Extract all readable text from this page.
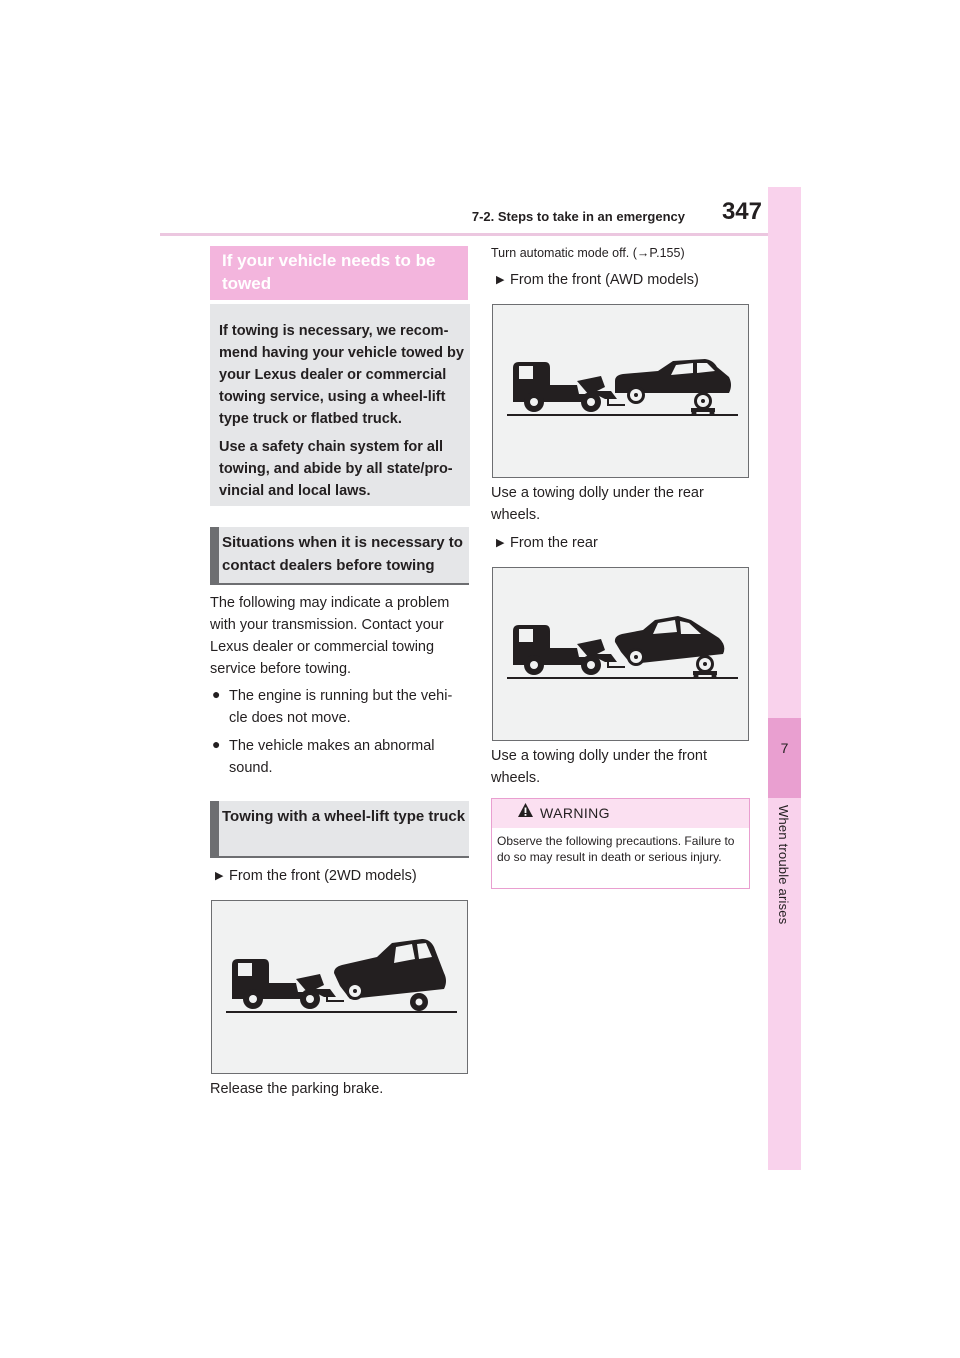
7-2. Steps to take in an emergency	347
7
When trouble arises
If your vehicle needs to be towed
If towing is necessary, we recom-mend having your vehicle towed by your Lexus dealer or commercial towing service, using a wheel-lift type truck or flatbed truck.
Use a safety chain system for all towing, and abide by all state/pro-vincial and local laws.
Situations when it is necessary to contact dealers before towing
The following may indicate a problem with your transmission. Contact your Lexus dealer or commercial towing service before towing.
● The engine is running but the vehi-cle does not move.
● The vehicle makes an abnormal sound.
Towing with a wheel-lift type truck
▶ From the front (2WD models)
Release the parking brake.
Turn automatic mode off. (→P.155)
▶ From the front (AWD models)
Use a towing dolly under the rear wheels.
▶ From the rear
Use a towing dolly under the front wheels.
WARNING
Observe the following precautions. Failure to do so may result in death or serious injury.
